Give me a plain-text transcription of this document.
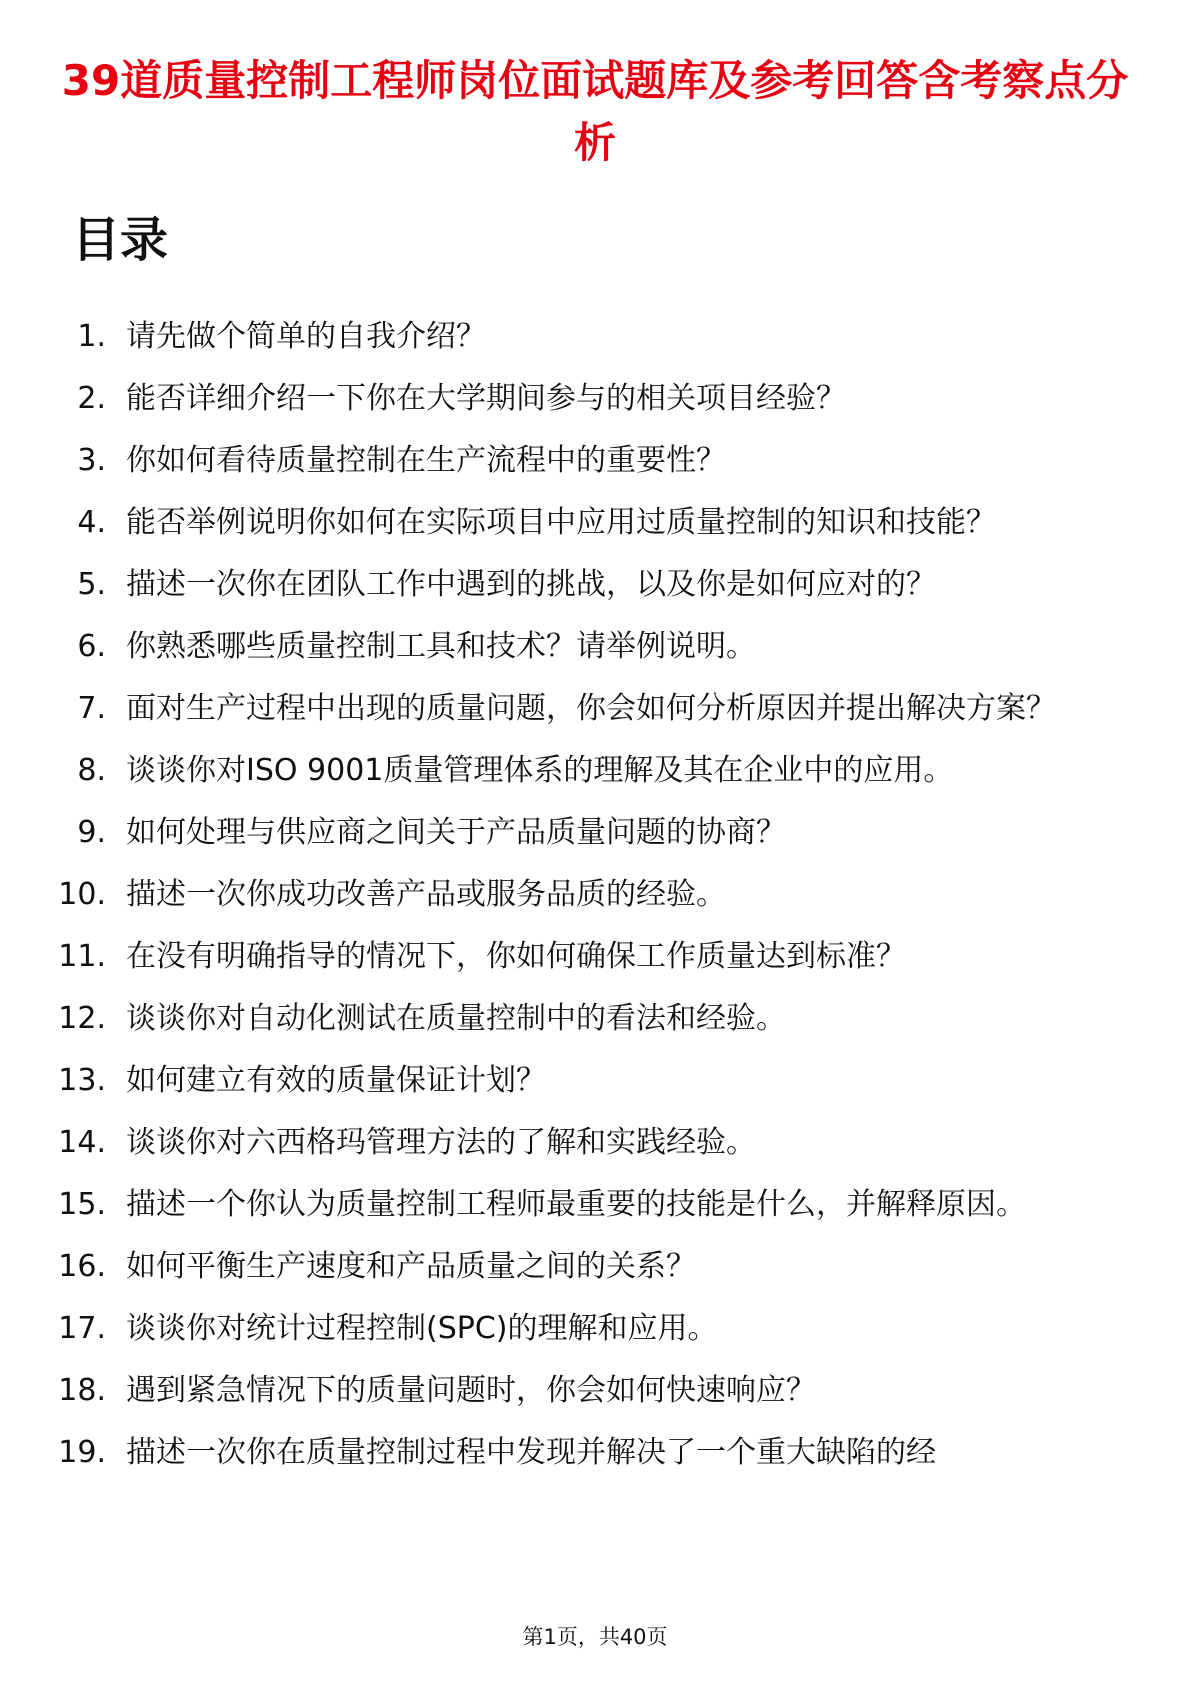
39道质量控制工程师岗位面试题库及参考回答含考察点分析
目录
1. 请先做个简单的自我介绍？
2. 能否详细介绍一下你在大学期间参与的相关项目经验？
3. 你如何看待质量控制在生产流程中的重要性？
4. 能否举例说明你如何在实际项目中应用过质量控制的知识和技能？
5. 描述一次你在团队工作中遇到的挑战，以及你是如何应对的？
6. 你熟悉哪些质量控制工具和技术？请举例说明。
7. 面对生产过程中出现的质量问题，你会如何分析原因并提出解决方案？
8. 谈谈你对ISO 9001质量管理体系的理解及其在企业中的应用。
9. 如何处理与供应商之间关于产品质量问题的协商？
10. 描述一次你成功改善产品或服务品质的经验。
11. 在没有明确指导的情况下，你如何确保工作质量达到标准？
12. 谈谈你对自动化测试在质量控制中的看法和经验。
13. 如何建立有效的质量保证计划？
14. 谈谈你对六西格玛管理方法的了解和实践经验。
15. 描述一个你认为质量控制工程师最重要的技能是什么，并解释原因。
16. 如何平衡生产速度和产品质量之间的关系？
17. 谈谈你对统计过程控制(SPC)的理解和应用。
18. 遇到紧急情况下的质量问题时，你会如何快速响应？
19. 描述一次你在质量控制过程中发现并解决了一个重大缺陷的经
第1页，共40页
